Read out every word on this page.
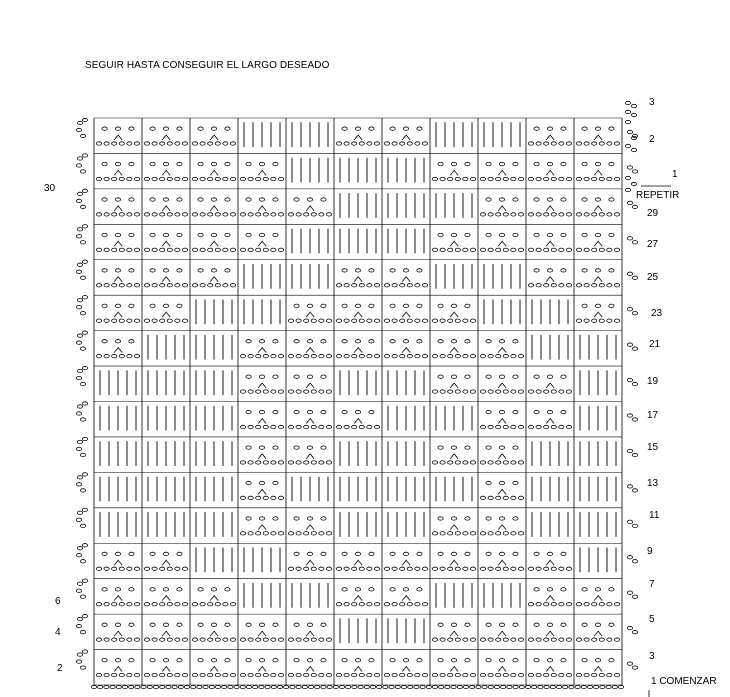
SEGUIR HASTA CONSEGUIR EL LARGO DESEADO
3
2
1
REPETIR
29
27
25
23
21
19
17
15
13
11
9
7
5
3
1 COMENZAR
30
6
4
2
